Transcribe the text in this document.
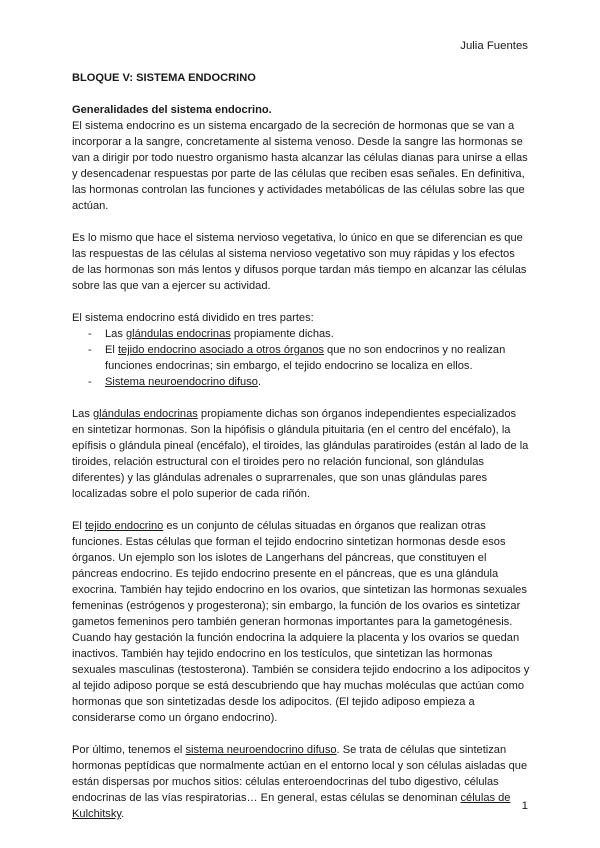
Julia Fuentes

BLOQUE V: SISTEMA ENDOCRINO

Generalidades del sistema endocrino.

El sistema endocrino es un sistema encargado de la secreción de hormonas que se van a incorporar a la sangre, concretamente al sistema venoso. Desde la sangre las hormonas se van a dirigir por todo nuestro organismo hasta alcanzar las células dianas para unirse a ellas y desencadenar respuestas por parte de las células que reciben esas señales. En definitiva, las hormonas controlan las funciones y actividades metabólicas de las células sobre las que actúan.

Es lo mismo que hace el sistema nervioso vegetativa, lo único en que se diferencian es que las respuestas de las células al sistema nervioso vegetativo son muy rápidas y los efectos de las hormonas son más lentos y difusos porque tardan más tiempo en alcanzar las células sobre las que van a ejercer su actividad.

El sistema endocrino está dividido en tres partes:

- Las glándulas endocrinas propiamente dichas.
- El tejido endocrino asociado a otros órganos que no son endocrinos y no realizan funciones endocrinas; sin embargo, el tejido endocrino se localiza en ellos.
- Sistema neuroendocrino difuso.

Las glándulas endocrinas propiamente dichas son órganos independientes especializados en sintetizar hormonas. Son la hipófisis o glándula pituitaria (en el centro del encéfalo), la epífisis o glándula pineal (encéfalo), el tiroides, las glándulas paratiroides (están al lado de la tiroides, relación estructural con el tiroides pero no relación funcional, son glándulas diferentes) y las glándulas adrenales o suprarrenales, que son unas glándulas pares localizadas sobre el polo superior de cada riñón.

El tejido endocrino es un conjunto de células situadas en órganos que realizan otras funciones. Estas células que forman el tejido endocrino sintetizan hormonas desde esos órganos. Un ejemplo son los islotes de Langerhans del páncreas, que constituyen el páncreas endocrino. Es tejido endocrino presente en el páncreas, que es una glándula exocrina. También hay tejido endocrino en los ovarios, que sintetizan las hormonas sexuales femeninas (estrógenos y progesterona); sin embargo, la función de los ovarios es sintetizar gametos femeninos pero también generan hormonas importantes para la gametogénesis. Cuando hay gestación la función endocrina la adquiere la placenta y los ovarios se quedan inactivos. También hay tejido endocrino en los testículos, que sintetizan las hormonas sexuales masculinas (testosterona). También se considera tejido endocrino a los adipocitos y al tejido adiposo porque se está descubriendo que hay muchas moléculas que actúan como hormonas que son sintetizadas desde los adipocitos. (El tejido adiposo empieza a considerarse como un órgano endocrino).

Por último, tenemos el sistema neuroendocrino difuso. Se trata de células que sintetizan hormonas peptídicas que normalmente actúan en el entorno local y son células aisladas que están dispersas por muchos sitios: células enteroendocrinas del tubo digestivo, células endocrinas de las vías respiratorias… En general, estas células se denominan células de Kulchitsky.

1
